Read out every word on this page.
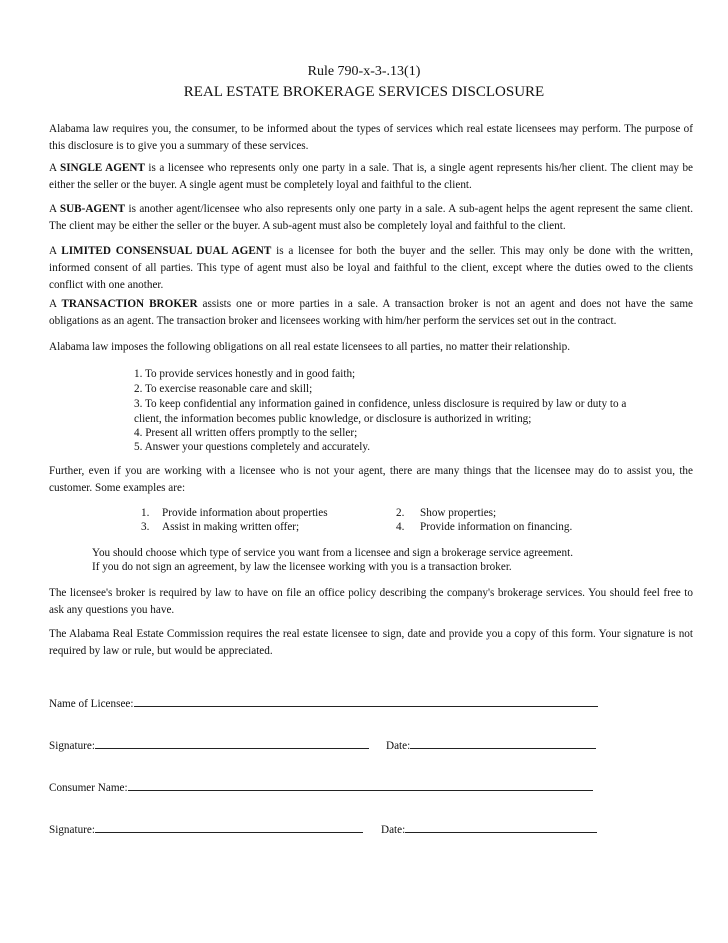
Rule 790-x-3-.13(1)
REAL ESTATE BROKERAGE SERVICES DISCLOSURE
Alabama law requires you, the consumer, to be informed about the types of services which real estate licensees may perform. The purpose of this disclosure is to give you a summary of these services.
A SINGLE AGENT is a licensee who represents only one party in a sale. That is, a single agent represents his/her client. The client may be either the seller or the buyer. A single agent must be completely loyal and faithful to the client.
A SUB-AGENT is another agent/licensee who also represents only one party in a sale. A sub-agent helps the agent represent the same client. The client may be either the seller or the buyer. A sub-agent must also be completely loyal and faithful to the client.
A LIMITED CONSENSUAL DUAL AGENT is a licensee for both the buyer and the seller. This may only be done with the written, informed consent of all parties. This type of agent must also be loyal and faithful to the client, except where the duties owed to the clients conflict with one another.
A TRANSACTION BROKER assists one or more parties in a sale. A transaction broker is not an agent and does not have the same obligations as an agent. The transaction broker and licensees working with him/her perform the services set out in the contract.
Alabama law imposes the following obligations on all real estate licensees to all parties, no matter their relationship.
1. To provide services honestly and in good faith;
2. To exercise reasonable care and skill;
3. To keep confidential any information gained in confidence, unless disclosure is required by law or duty to a
client, the information becomes public knowledge, or disclosure is authorized in writing;
4. Present all written offers promptly to the seller;
5. Answer your questions completely and accurately.
Further, even if you are working with a licensee who is not your agent, there are many things that the licensee may do to assist you, the customer. Some examples are:
1. Provide information about properties	2. Show properties;
3. Assist in making written offer;	4. Provide information on financing.
You should choose which type of service you want from a licensee and sign a brokerage service agreement.
If you do not sign an agreement, by law the licensee working with you is a transaction broker.
The licensee's broker is required by law to have on file an office policy describing the company's brokerage services. You should feel free to ask any questions you have.
The Alabama Real Estate Commission requires the real estate licensee to sign, date and provide you a copy of this form. Your signature is not required by law or rule, but would be appreciated.
Name of Licensee:
Signature:	Date:
Consumer Name:
Signature:	Date:
